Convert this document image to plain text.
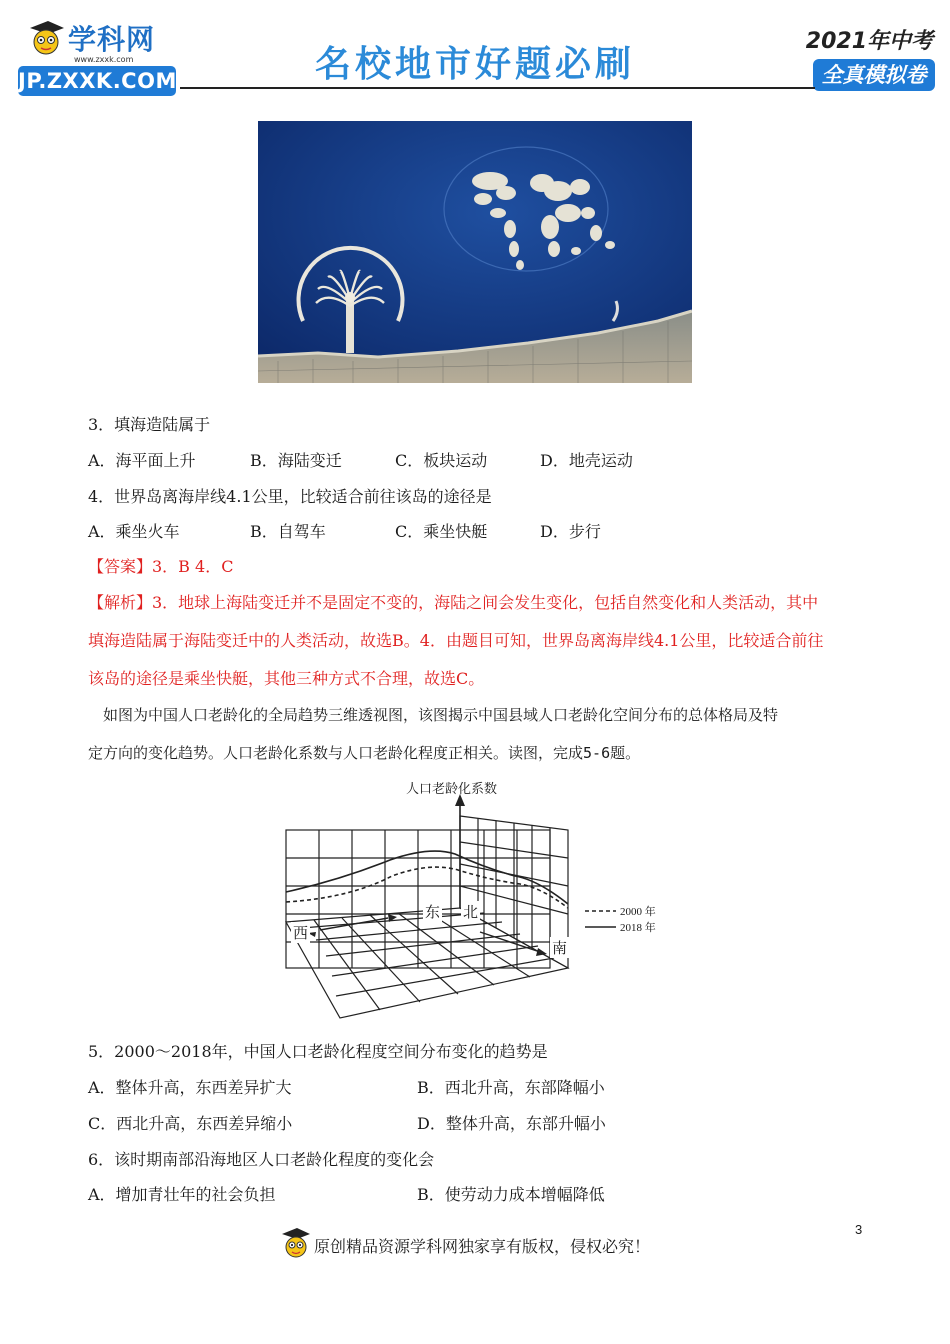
学科网
www.zxxk.com
JP.ZXXK.COM	名校地市好题必刷
2021年中考
全真模拟卷
3．填海造陆属于
A．海平面上升	B．海陆变迁	C．板块运动	D．地壳运动
4．世界岛离海岸线4.1公里，比较适合前往该岛的途径是
A．乘坐火车	B．自驾车	C．乘坐快艇	D．步行
【答案】3．B 4．C
【解析】3．地球上海陆变迁并不是固定不变的，海陆之间会发生变化，包括自然变化和人类活动，其中
填海造陆属于海陆变迁中的人类活动，故选B。4．由题目可知，世界岛离海岸线4.1公里，比较适合前往
该岛的途径是乘坐快艇，其他三种方式不合理，故选C。
　如图为中国人口老龄化的全局趋势三维透视图，该图揭示中国县域人口老龄化空间分布的总体格局及特
定方向的变化趋势。人口老龄化系数与人口老龄化程度正相关。读图，完成5-6题。
人口老龄化系数
西
东 北
南
2000 年
2018 年
5．2000～2018年，中国人口老龄化程度空间分布变化的趋势是
A．整体升高，东西差异扩大	B．西北升高，东部降幅小
C．西北升高，东西差异缩小	D．整体升高，东部升幅小
6．该时期南部沿海地区人口老龄化程度的变化会
A．增加青壮年的社会负担	B．使劳动力成本增幅降低
3
原创精品资源学科网独家享有版权，侵权必究！
